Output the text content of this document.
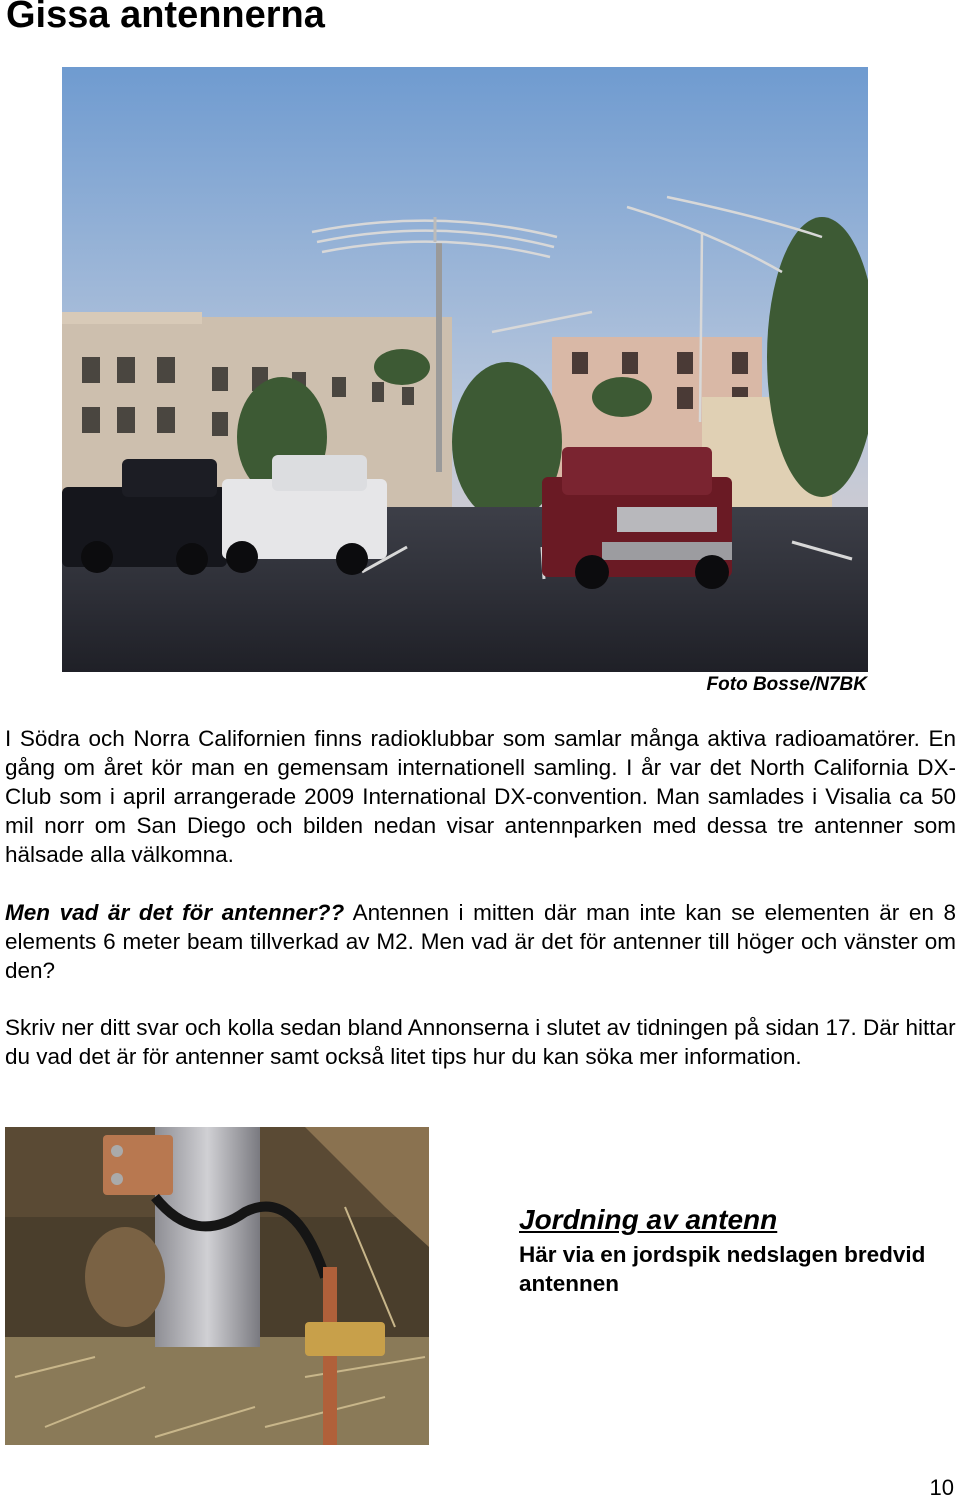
Gissa antennerna
Foto Bosse/N7BK

I Södra och Norra Californien finns radioklubbar som samlar många aktiva radioamatörer. En gång om året kör man en gemensam internationell samling. I år var det North California DX-Club som i april arrangerade 2009 International DX-convention. Man samlades i Visalia ca 50 mil norr om San Diego och bilden nedan visar antennparken med dessa tre antenner som hälsade alla välkomna.

Men vad är det för antenner?? Antennen i mitten där man inte kan se elementen är en 8 elements 6 meter beam tillverkad av M2. Men vad är det för antenner till höger och vänster om den?

Skriv ner ditt svar och kolla sedan bland Annonserna i slutet av tidningen på sidan 17. Där hittar du vad det är för antenner samt också litet tips hur du kan söka mer information.

Jordning av antenn
Här via en jordspik nedslagen bredvid antennen
10
